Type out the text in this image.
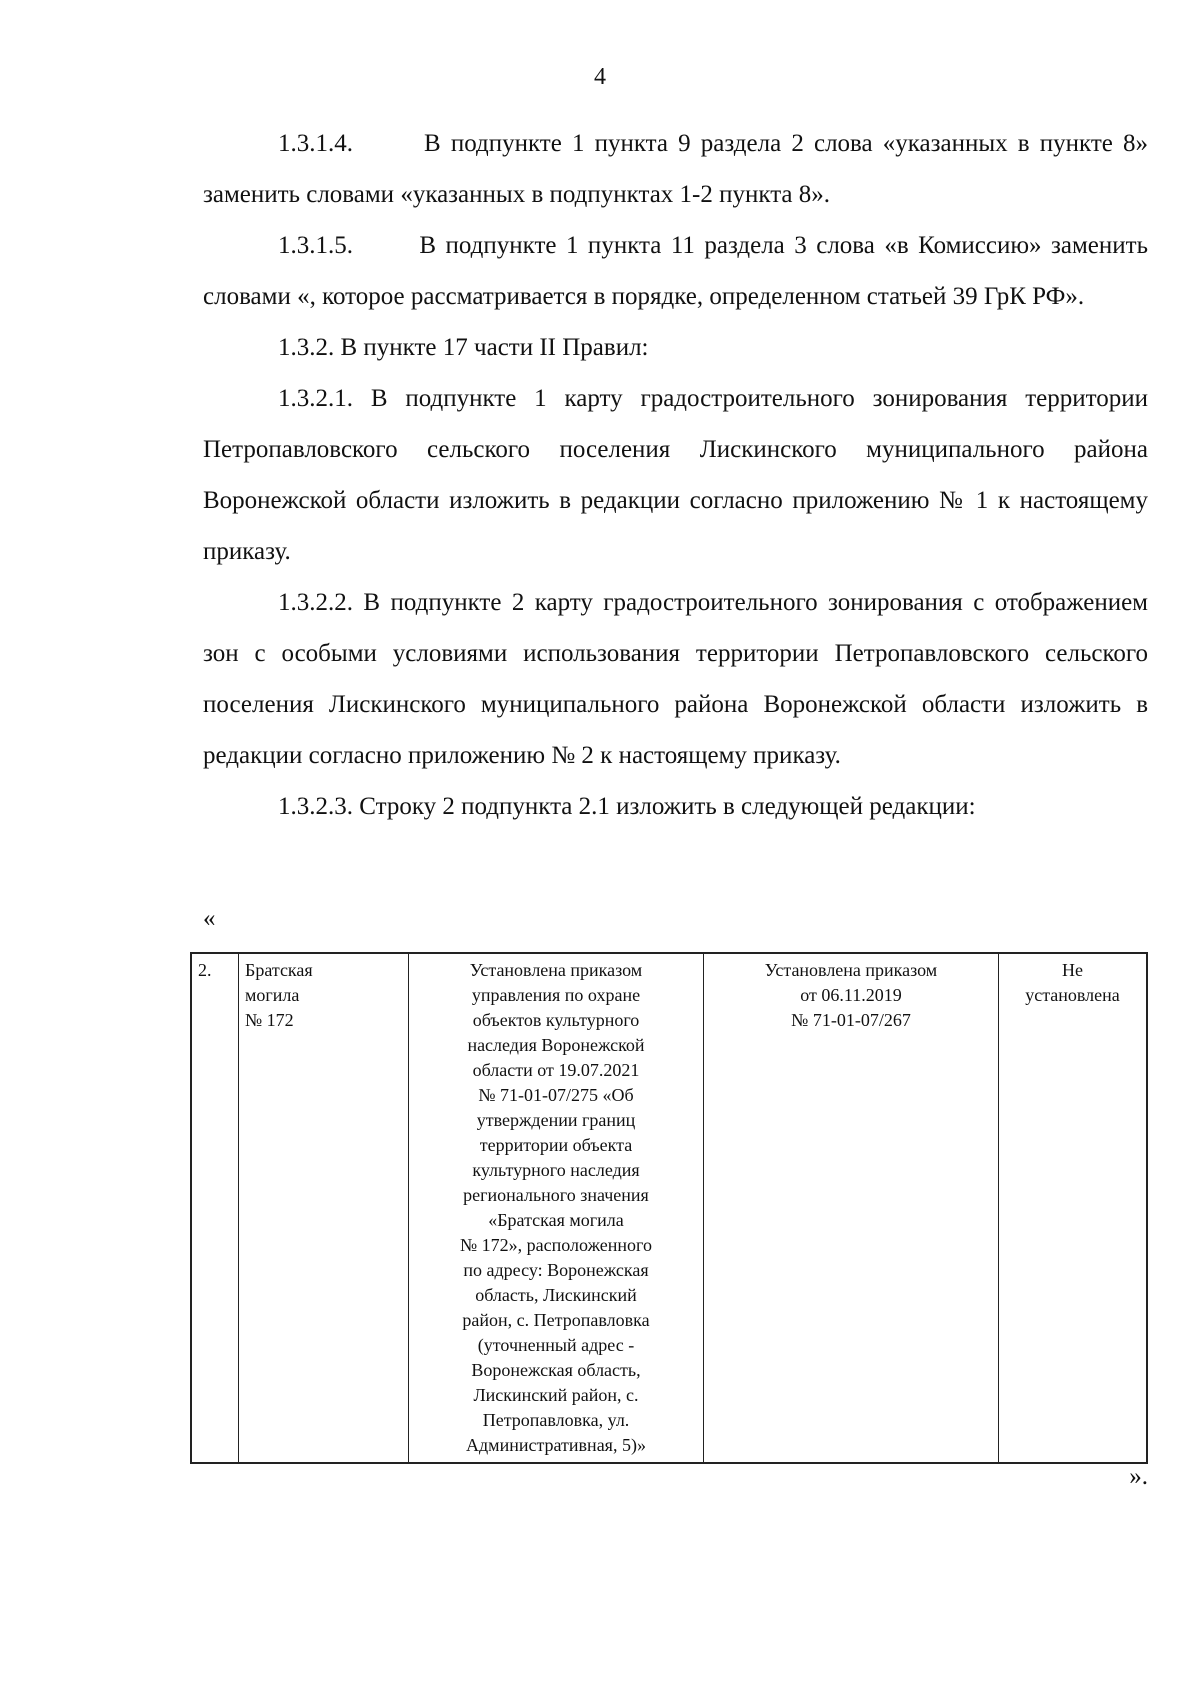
4

1.3.1.4.       В подпункте 1 пункта 9 раздела 2 слова «указанных в пункте 8» заменить словами «указанных в подпунктах 1-2 пункта 8».

1.3.1.5.       В подпункте 1 пункта 11 раздела 3 слова «в Комиссию» заменить словами «, которое рассматривается в порядке, определенном статьей 39 ГрК РФ».

1.3.2. В пункте 17 части II Правил:

1.3.2.1. В подпункте 1 карту градостроительного зонирования территории Петропавловского сельского поселения Лискинского муниципального района Воронежской области изложить в редакции согласно приложению № 1 к настоящему приказу.

1.3.2.2. В подпункте 2 карту градостроительного зонирования с отображением зон с особыми условиями использования территории Петропавловского сельского поселения Лискинского муниципального района Воронежской области изложить в редакции согласно приложению № 2 к настоящему приказу.

1.3.2.3. Строку 2 подпункта 2.1 изложить в следующей редакции:

«
2.	Братская
могила
№ 172	Установлена приказом
управления по охране
объектов культурного
наследия Воронежской
области от 19.07.2021
№ 71-01-07/275 «Об
утверждении границ
территории объекта
культурного наследия
регионального значения
«Братская могила
№ 172», расположенного
по адресу: Воронежская
область, Лискинский
район, с. Петропавловка
(уточненный адрес -
Воронежская область,
Лискинский район, с.
Петропавловка, ул.
Административная, 5)»	Установлена приказом
от 06.11.2019
№ 71-01-07/267	Не
установлена
».
